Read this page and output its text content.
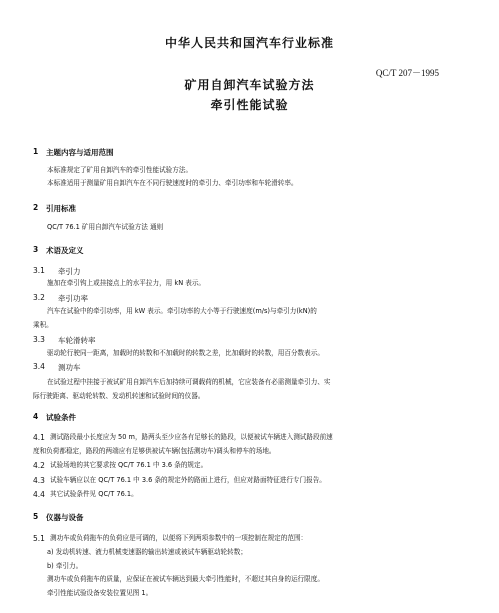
中华人民共和国汽车行业标准
QC/T 207－1995
矿用自卸汽车试验方法
牵引性能试验
1 主题内容与适用范围
本标准规定了矿用自卸汽车的牵引性能试验方法。
本标准适用于测量矿用自卸汽车在不同行驶速度时的牵引力、牵引功率和车轮滑转率。
2 引用标准
QC/T 76.1 矿用自卸汽车试验方法 通则
3 术语及定义
3.1 牵引力
施加在牵引钩上或挂接点上的水平拉力，用 kN 表示。
3.2 牵引功率
汽车在试验中的牵引功率，用 kW 表示。牵引功率的大小等于行驶速度(m/s)与牵引力(kN)的
乘积。
3.3 车轮滑转率
驱动轮行驶同一距离，加载时的转数和不加载时的转数之差，比加载时的转数，用百分数表示。
3.4 测功车
在试验过程中挂接于被试矿用自卸汽车后加持续可调载荷的机械，它应装备有必需测量牵引力、实
际行驶距离、驱动轮转数、发动机转速和试验时间的仪器。
4 试验条件
4.1 测试路段最小长度应为 50 m，路两头至少应各有足够长的路段，以便被试车辆进入测试路段前速
度和负荷都稳定，路段的两端应有足够供被试车辆(包括测功车)调头和停车的场地。
4.2 试验场地的其它要求按 QC/T 76.1 中 3.6 条的规定。
4.3 试验车辆应以在 QC/T 76.1 中 3.6 条的规定外的路面上进行，但应对路面特征进行专门报告。
4.4 其它试验条件见 QC/T 76.1。
5 仪器与设备
5.1 测功车或负荷拖车的负荷应是可调的，以便将下列两项参数中的一项控制在规定的范围：
a) 发动机转速、液力机械变速器的输出转速或被试车辆驱动轮转数；
b) 牵引力。
测功车或负荷拖车的质量，应保证在被试车辆达到最大牵引性能时，不超过其自身的运行限度。
牵引性能试验设备安装位置见图 1。
